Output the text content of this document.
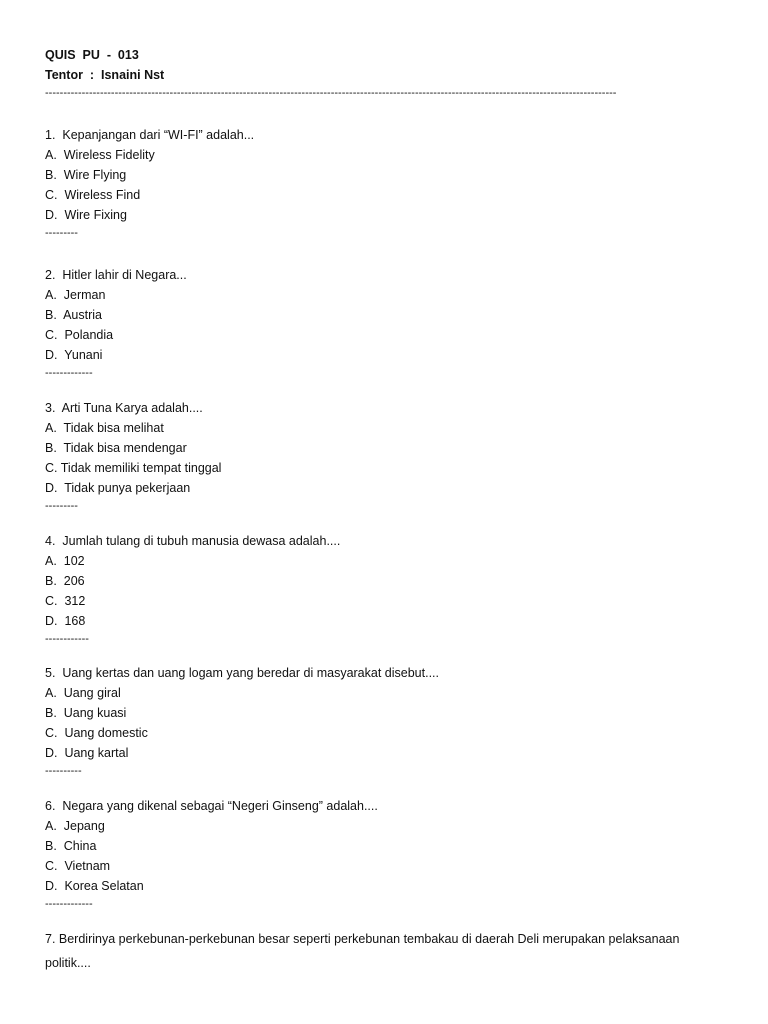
QUIS  PU  -  013
Tentor  :  Isnaini Nst
------------------------------------------------------------------------------------------------------------------------------------------------------------
1.  Kepanjangan dari “WI-FI” adalah...
A.  Wireless Fidelity
B.  Wire Flying
C.  Wireless Find
D.  Wire Fixing
---------
2.  Hitler lahir di Negara...
A.  Jerman
B.  Austria
C.  Polandia
D.  Yunani
-------------
3.  Arti Tuna Karya adalah....
A.  Tidak bisa melihat
B.  Tidak bisa mendengar
C. Tidak memiliki tempat tinggal
D.  Tidak punya pekerjaan
---------
4.  Jumlah tulang di tubuh manusia dewasa adalah....
A.  102
B.  206
C.  312
D.  168
------------
5.  Uang kertas dan uang logam yang beredar di masyarakat disebut....
A.  Uang giral
B.  Uang kuasi
C.  Uang domestic
D.  Uang kartal
----------
6.  Negara yang dikenal sebagai “Negeri Ginseng” adalah....
A.  Jepang
B.  China
C.  Vietnam
D.  Korea Selatan
-------------
7. Berdirinya perkebunan-perkebunan besar seperti perkebunan tembakau di daerah Deli merupakan pelaksanaan politik....
